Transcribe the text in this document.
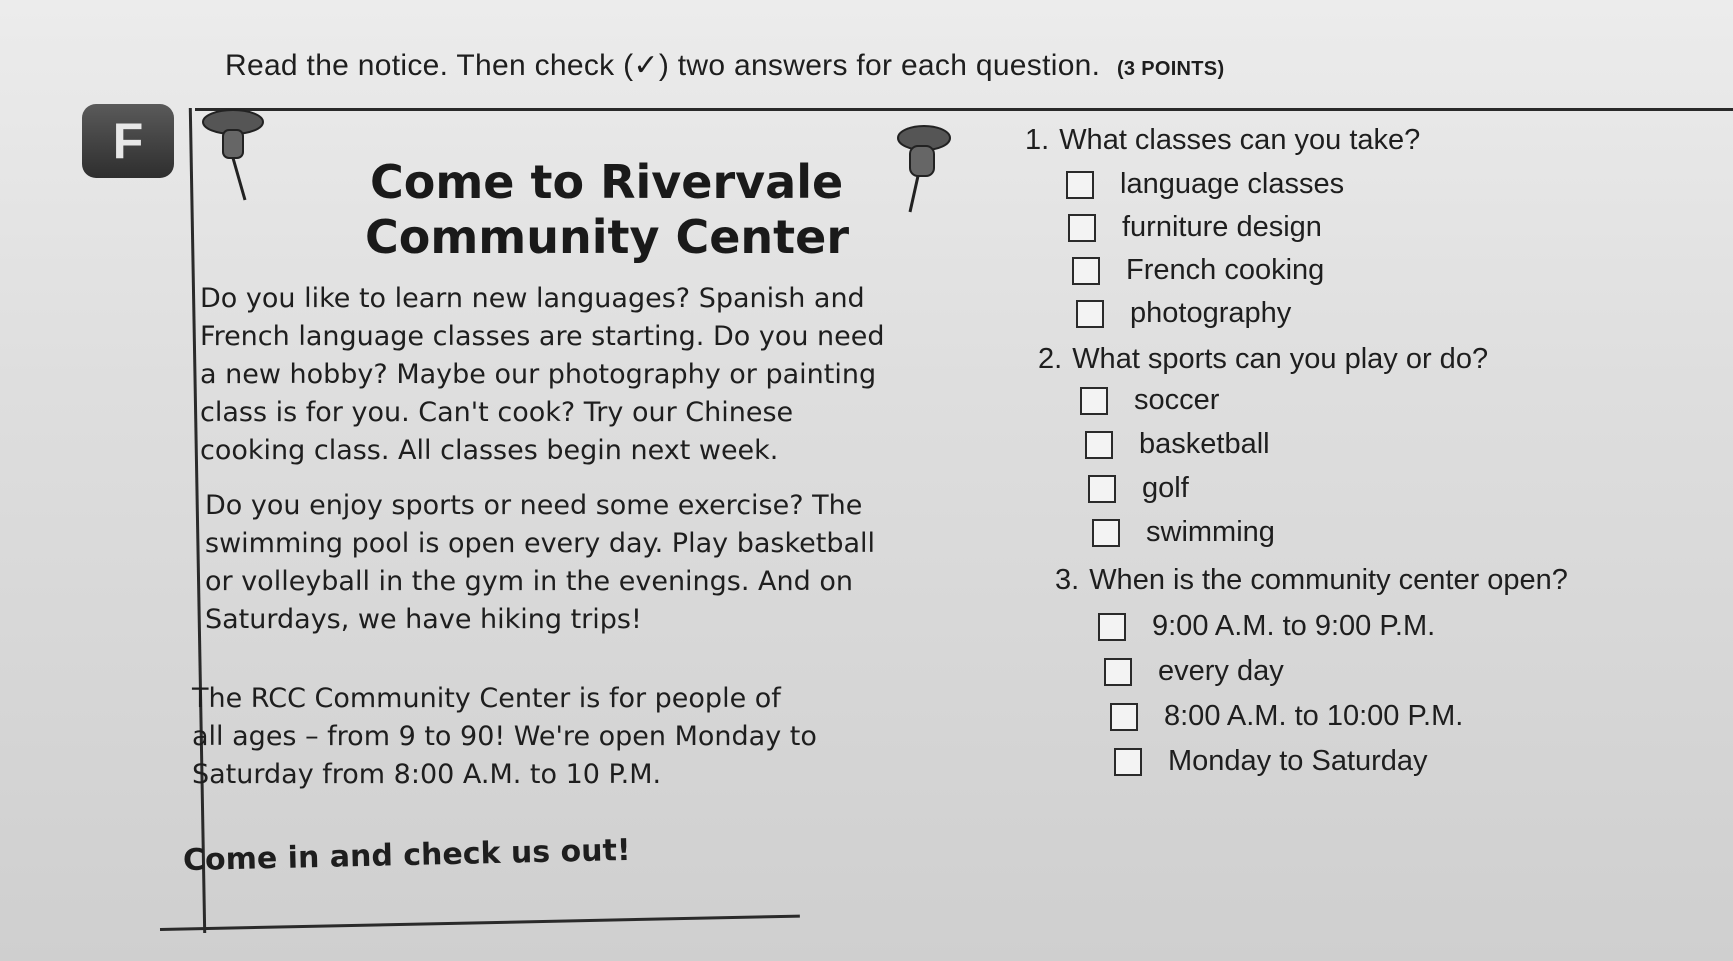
Read the notice. Then check (✓) two answers for each question. (3 POINTS)
F
Come to Rivervale
Community Center

Do you like to learn new languages? Spanish and

French language classes are starting. Do you need

a new hobby? Maybe our photography or painting

class is for you. Can't cook? Try our Chinese

cooking class. All classes begin next week.

Do you enjoy sports or need some exercise? The

swimming pool is open every day. Play basketball

or volleyball in the gym in the evenings. And on

Saturdays, we have hiking trips!

The RCC Community Center is for people of

all ages – from 9 to 90! We're open Monday to

Saturday from 8:00 A.M. to 10 P.M.

Come in and check us out!
1. What classes can you take?
language classes
furniture design
French cooking
photography
2. What sports can you play or do?
soccer
basketball
golf
swimming
3. When is the community center open?
9:00 A.M. to 9:00 P.M.
every day
8:00 A.M. to 10:00 P.M.
Monday to Saturday
